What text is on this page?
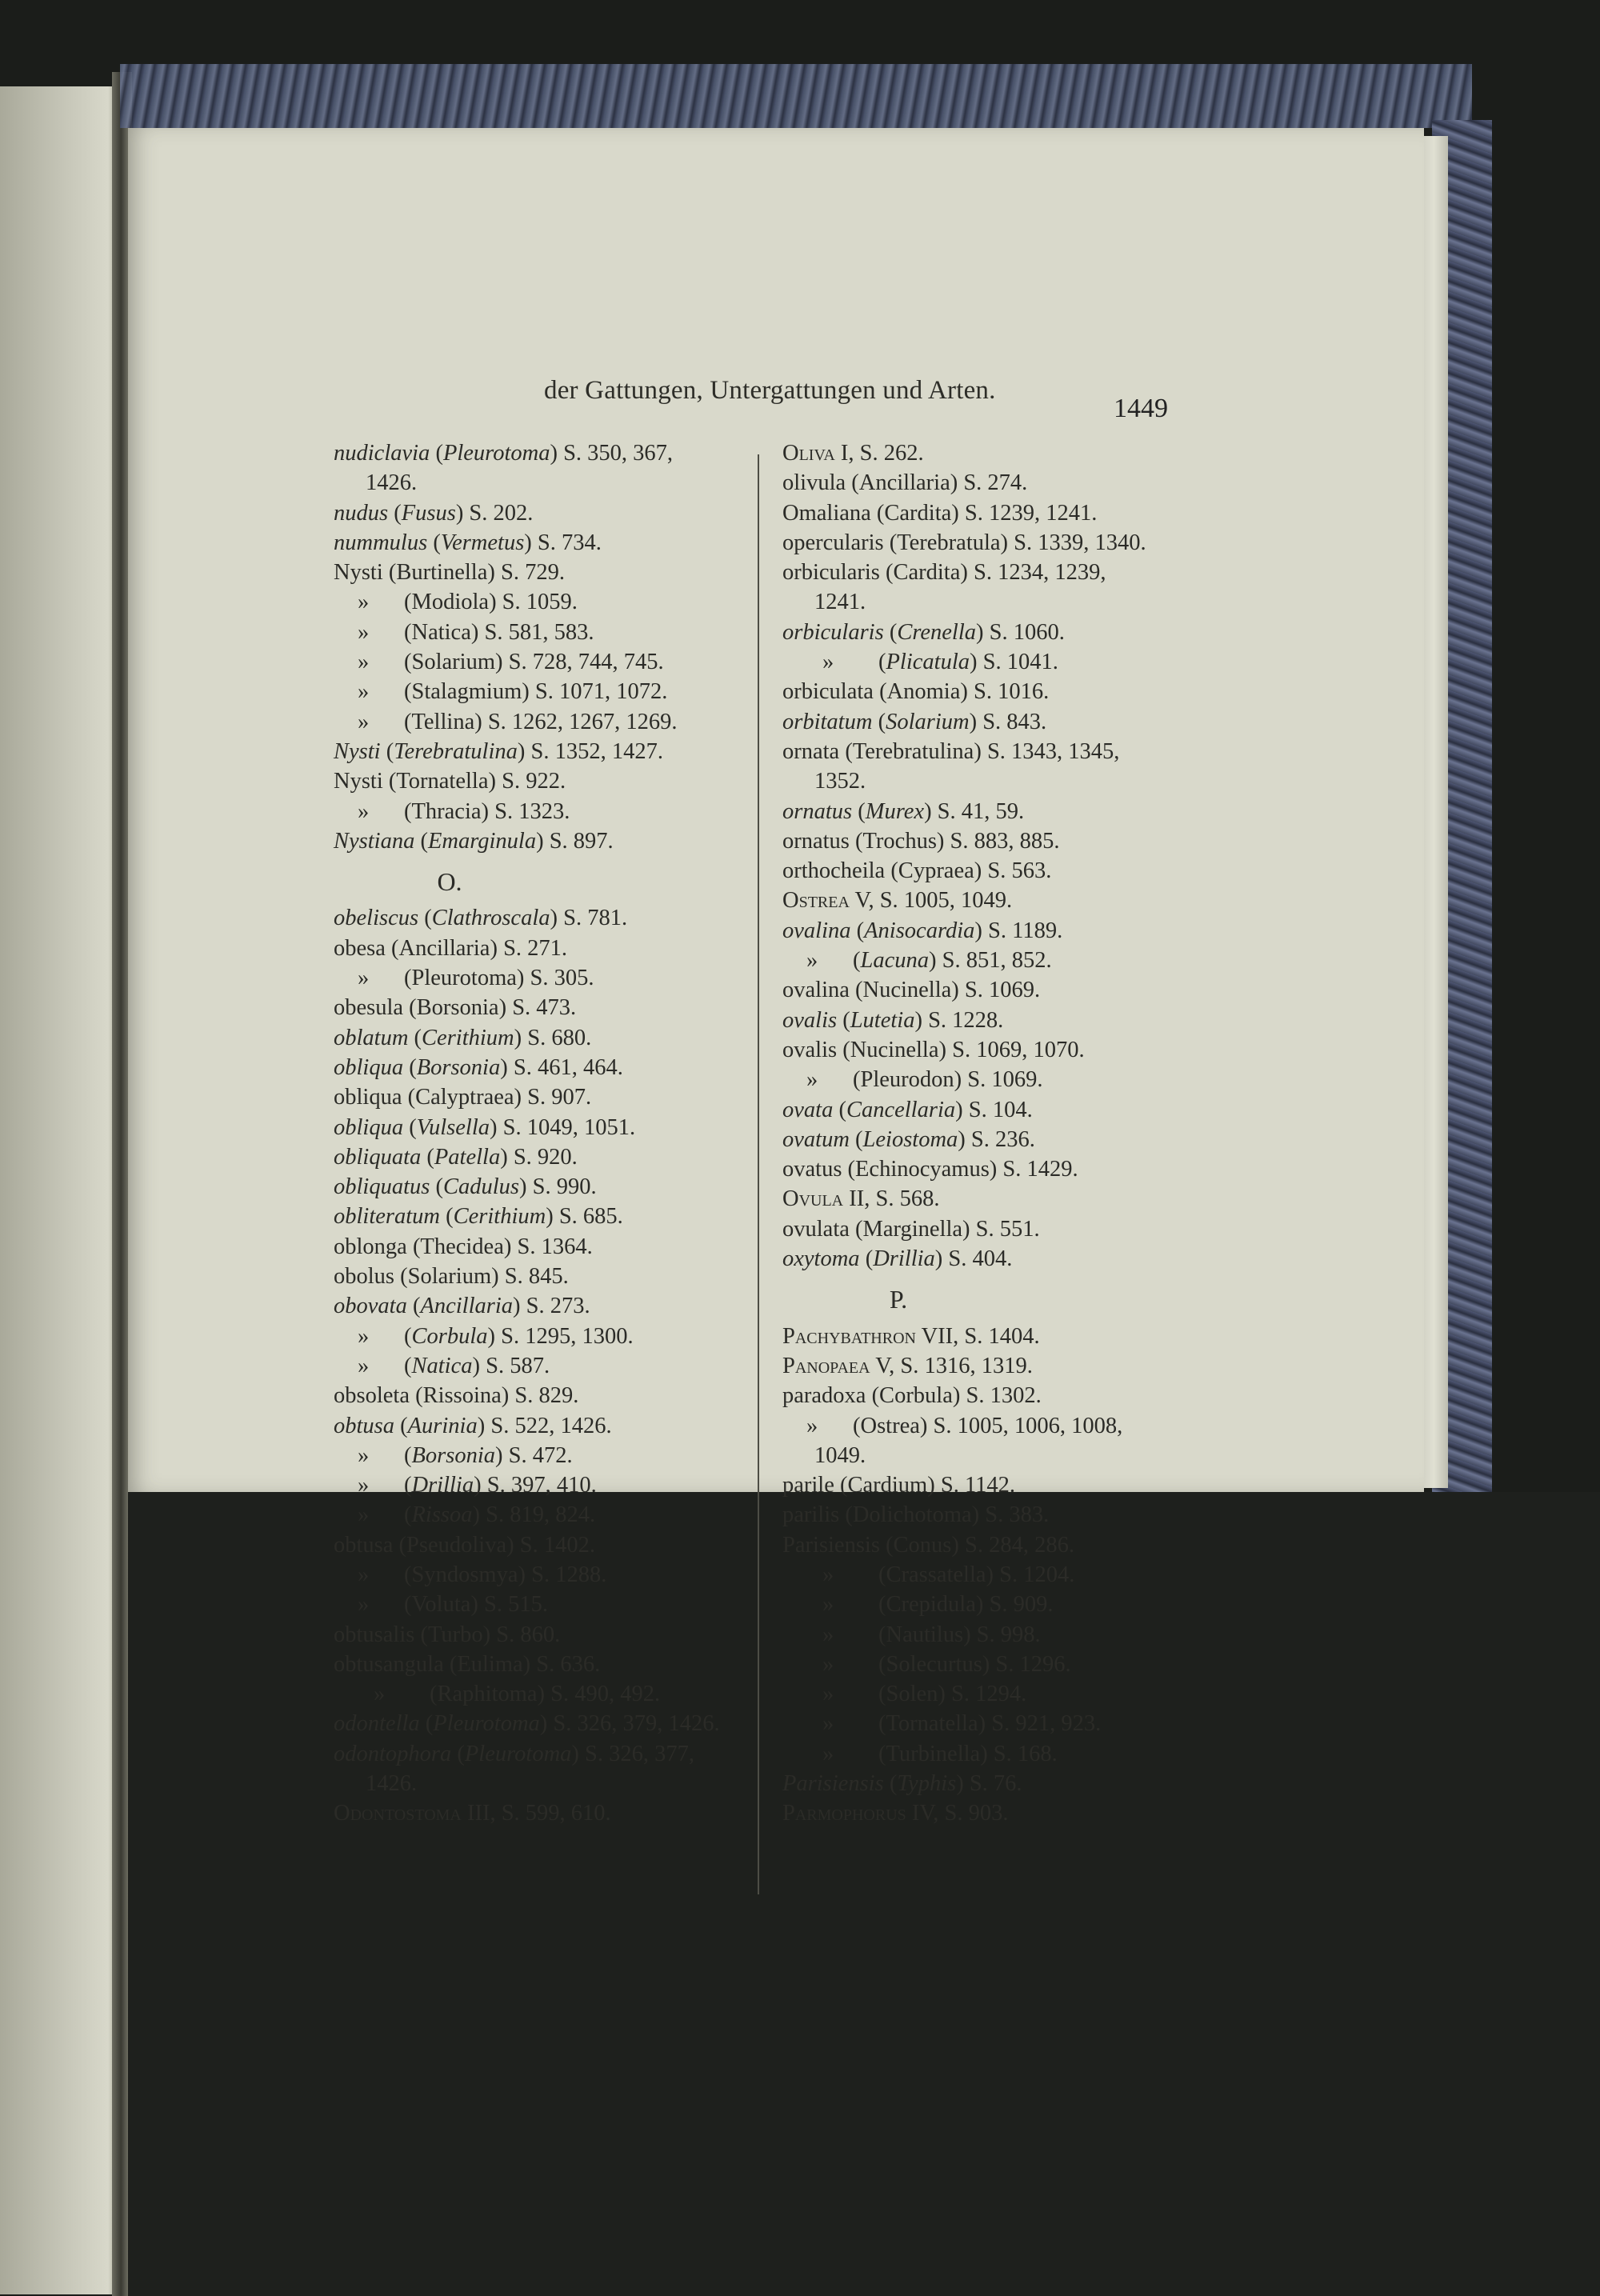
der Gattungen, Untergattungen und Arten.
1449
nudiclavia (Pleurotoma) S. 350, 367,
1426.
nudus (Fusus) S. 202.
nummulus (Vermetus) S. 734.
Nysti (Burtinella) S. 729.
» (Modiola) S. 1059.
» (Natica) S. 581, 583.
» (Solarium) S. 728, 744, 745.
» (Stalagmium) S. 1071, 1072.
» (Tellina) S. 1262, 1267, 1269.
Nysti (Terebratulina) S. 1352, 1427.
Nysti (Tornatella) S. 922.
» (Thracia) S. 1323.
Nystiana (Emarginula) S. 897.
O.
obeliscus (Clathroscala) S. 781.
obesa (Ancillaria) S. 271.
» (Pleurotoma) S. 305.
obesula (Borsonia) S. 473.
oblatum (Cerithium) S. 680.
obliqua (Borsonia) S. 461, 464.
obliqua (Calyptraea) S. 907.
obliqua (Vulsella) S. 1049, 1051.
obliquata (Patella) S. 920.
obliquatus (Cadulus) S. 990.
obliteratum (Cerithium) S. 685.
oblonga (Thecidea) S. 1364.
obolus (Solarium) S. 845.
obovata (Ancillaria) S. 273.
» (Corbula) S. 1295, 1300.
» (Natica) S. 587.
obsoleta (Rissoina) S. 829.
obtusa (Aurinia) S. 522, 1426.
» (Borsonia) S. 472.
» (Drillia) S. 397, 410.
» (Rissoa) S. 819, 824.
obtusa (Pseudoliva) S. 1402.
» (Syndosmya) S. 1288.
» (Voluta) S. 515.
obtusalis (Turbo) S. 860.
obtusangula (Eulima) S. 636.
» (Raphitoma) S. 490, 492.
odontella (Pleurotoma) S. 326, 379, 1426.
odontophora (Pleurotoma) S. 326, 377,
1426.
Odontostoma III, S. 599, 610.
Oliva I, S. 262.
olivula (Ancillaria) S. 274.
Omaliana (Cardita) S. 1239, 1241.
opercularis (Terebratula) S. 1339, 1340.
orbicularis (Cardita) S. 1234, 1239,
1241.
orbicularis (Crenella) S. 1060.
» (Plicatula) S. 1041.
orbiculata (Anomia) S. 1016.
orbitatum (Solarium) S. 843.
ornata (Terebratulina) S. 1343, 1345,
1352.
ornatus (Murex) S. 41, 59.
ornatus (Trochus) S. 883, 885.
orthocheila (Cypraea) S. 563.
Ostrea V, S. 1005, 1049.
ovalina (Anisocardia) S. 1189.
» (Lacuna) S. 851, 852.
ovalina (Nucinella) S. 1069.
ovalis (Lutetia) S. 1228.
ovalis (Nucinella) S. 1069, 1070.
» (Pleurodon) S. 1069.
ovata (Cancellaria) S. 104.
ovatum (Leiostoma) S. 236.
ovatus (Echinocyamus) S. 1429.
Ovula II, S. 568.
ovulata (Marginella) S. 551.
oxytoma (Drillia) S. 404.
P.
Pachybathron VII, S. 1404.
Panopaea V, S. 1316, 1319.
paradoxa (Corbula) S. 1302.
» (Ostrea) S. 1005, 1006, 1008,
1049.
parile (Cardium) S. 1142.
parilis (Dolichotoma) S. 383.
Parisiensis (Conus) S. 284, 286.
» (Crassatella) S. 1204.
» (Crepidula) S. 909.
» (Nautilus) S. 998.
» (Solecurtus) S. 1296.
» (Solen) S. 1294.
» (Tornatella) S. 921, 923.
» (Turbinella) S. 168.
Parisiensis (Typhis) S. 76.
Parmophorus IV, S. 903.
